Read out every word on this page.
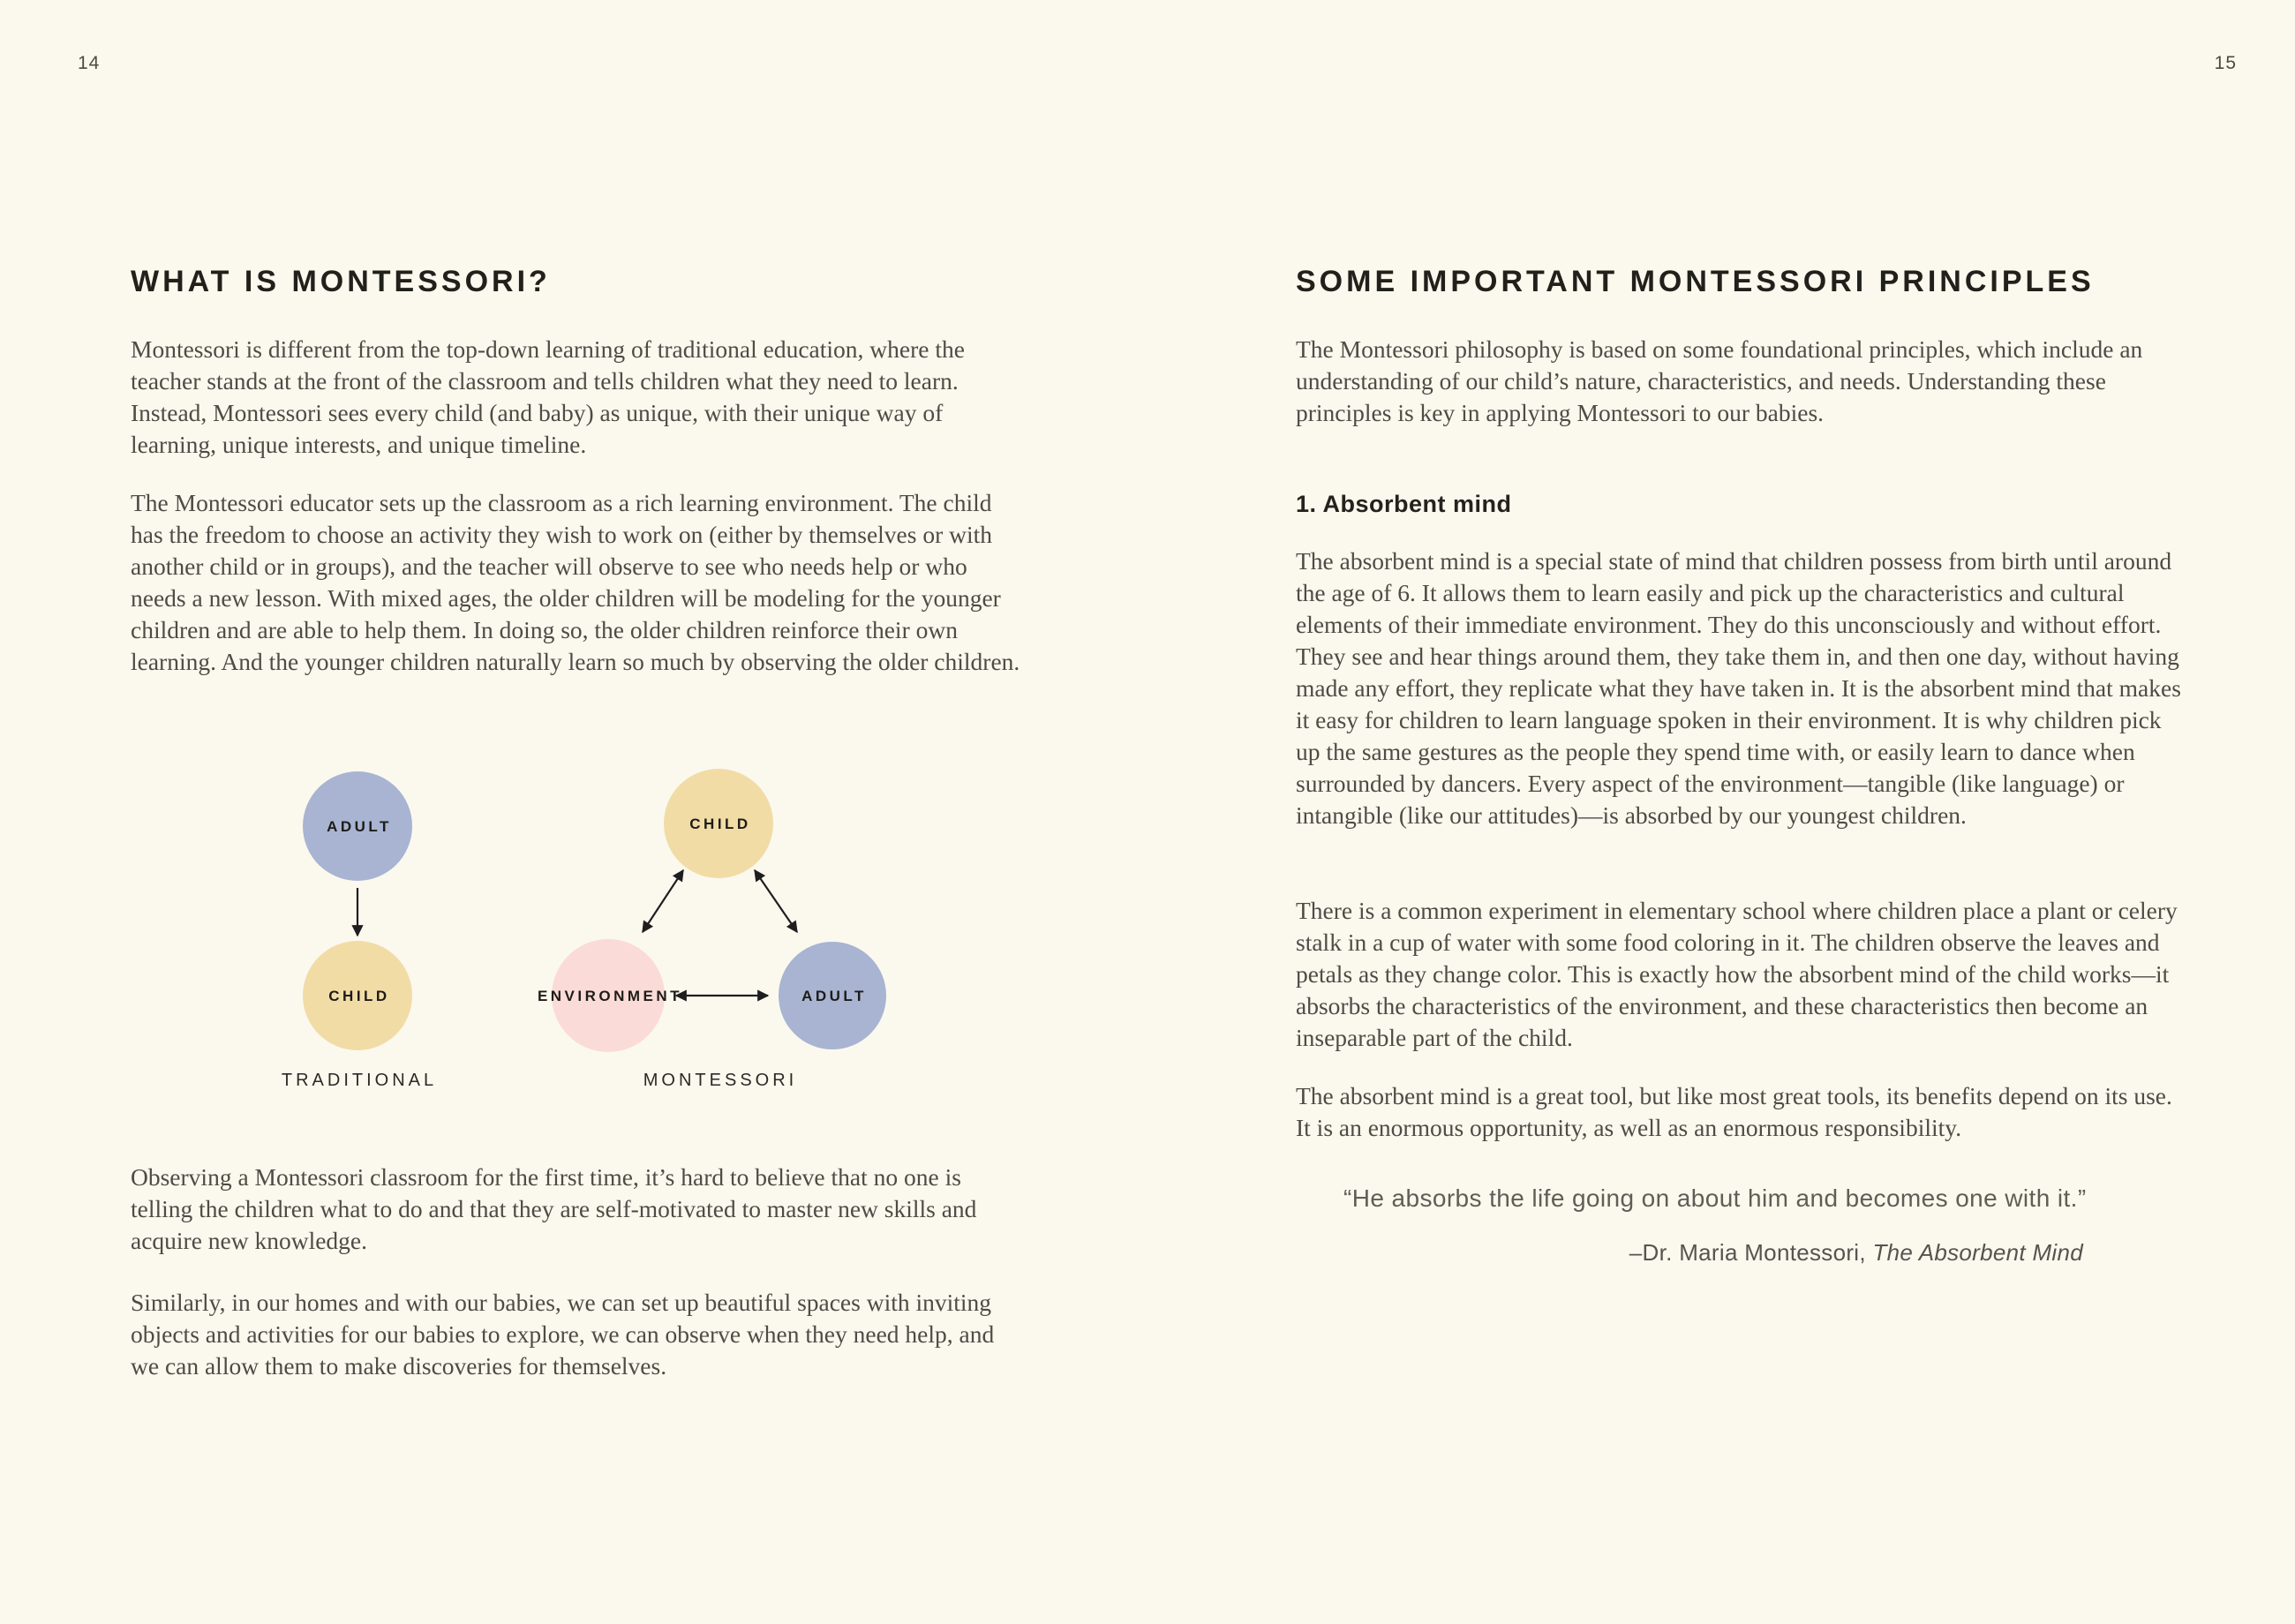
14
WHAT IS MONTESSORI?

Montessori is different from the top-down learning of traditional education, where the teacher stands at the front of the classroom and tells children what they need to learn. Instead, Montessori sees every child (and baby) as unique, with their unique way of learning, unique interests, and unique timeline.

The Montessori educator sets up the classroom as a rich learning environment. The child has the freedom to choose an activity they wish to work on (either by themselves or with another child or in groups), and the teacher will observe to see who needs help or who needs a new lesson. With mixed ages, the older children will be modeling for the younger children and are able to help them. In doing so, the older children reinforce their own learning. And the younger children naturally learn so much by observing the older children.

ADULT
CHILD
TRADITIONAL
CHILD
ENVIRONMENT	ADULT
MONTESSORI

Observing a Montessori classroom for the first time, it’s hard to believe that no one is telling the children what to do and that they are self-motivated to master new skills and acquire new knowledge.

Similarly, in our homes and with our babies, we can set up beautiful spaces with inviting objects and activities for our babies to explore, we can observe when they need help, and we can allow them to make discoveries for themselves.

15
SOME IMPORTANT MONTESSORI PRINCIPLES

The Montessori philosophy is based on some foundational principles, which include an understanding of our child’s nature, characteristics, and needs. Understanding these principles is key in applying Montessori to our babies.

1. Absorbent mind

The absorbent mind is a special state of mind that children possess from birth until around the age of 6. It allows them to learn easily and pick up the characteristics and cultural elements of their immediate environment. They do this unconsciously and without effort. They see and hear things around them, they take them in, and then one day, without having made any effort, they replicate what they have taken in. It is the absorbent mind that makes it easy for children to learn language spoken in their environment. It is why children pick up the same gestures as the people they spend time with, or easily learn to dance when surrounded by dancers. Every aspect of the environment—tangible (like language) or intangible (like our attitudes)—is absorbed by our youngest children.

There is a common experiment in elementary school where children place a plant or celery stalk in a cup of water with some food coloring in it. The children observe the leaves and petals as they change color. This is exactly how the absorbent mind of the child works—it absorbs the characteristics of the environment, and these characteristics then become an inseparable part of the child.

The absorbent mind is a great tool, but like most great tools, its benefits depend on its use. It is an enormous opportunity, as well as an enormous responsibility.

“He absorbs the life going on about him and becomes one with it.”

–Dr. Maria Montessori, The Absorbent Mind
